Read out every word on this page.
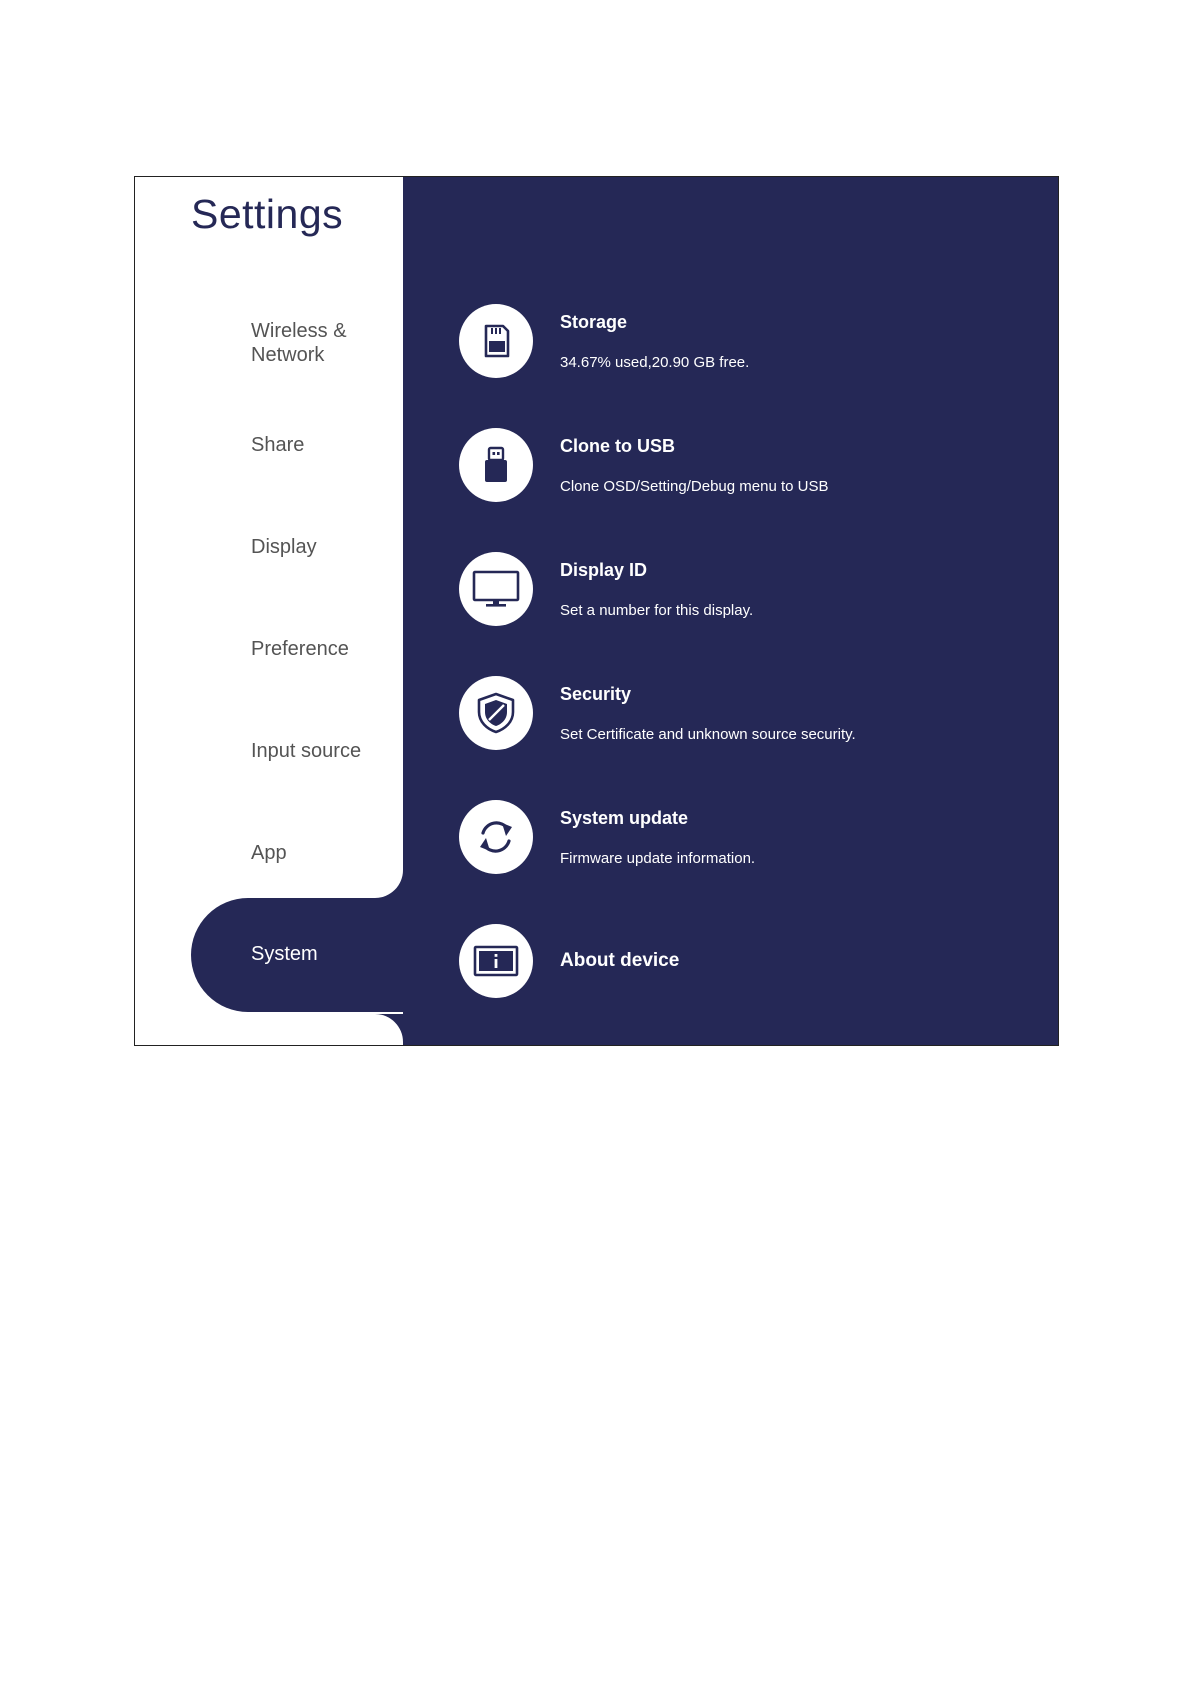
Settings
Wireless &
Network
Share
Display
Preference
Input source
App
System
Storage
34.67% used,20.90 GB free.
Clone to USB
Clone OSD/Setting/Debug menu to USB
Display ID
Set a number for this display.
Security
Set Certificate and unknown source security.
System update
Firmware update information.
About device
